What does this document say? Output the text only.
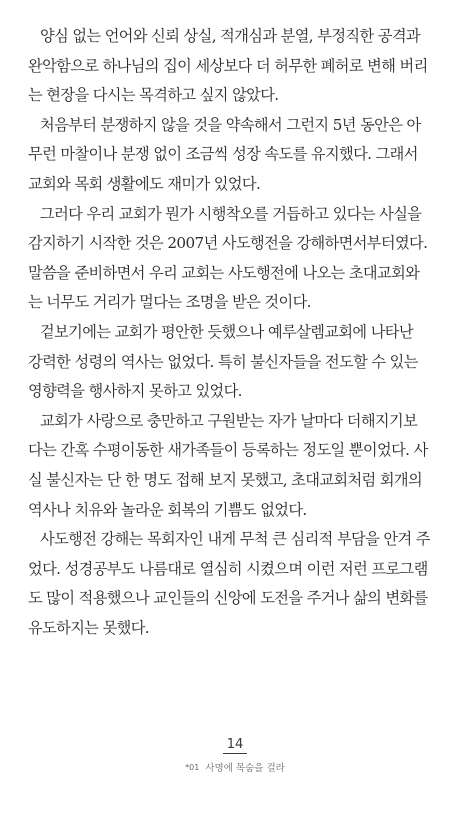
양심 없는 언어와 신뢰 상실, 적개심과 분열, 부정직한 공격과
완악함으로 하나님의 집이 세상보다 더 허무한 폐허로 변해 버리
는 현장을 다시는 목격하고 싶지 않았다.
처음부터 분쟁하지 않을 것을 약속해서 그런지 5년 동안은 아
무런 마찰이나 분쟁 없이 조금씩 성장 속도를 유지했다. 그래서
교회와 목회 생활에도 재미가 있었다.
그러다 우리 교회가 뭔가 시행착오를 거듭하고 있다는 사실을
감지하기 시작한 것은 2007년 사도행전을 강해하면서부터였다.
말씀을 준비하면서 우리 교회는 사도행전에 나오는 초대교회와
는 너무도 거리가 멀다는 조명을 받은 것이다.
겉보기에는 교회가 평안한 듯했으나 예루살렘교회에 나타난
강력한 성령의 역사는 없었다. 특히 불신자들을 전도할 수 있는
영향력을 행사하지 못하고 있었다.
교회가 사랑으로 충만하고 구원받는 자가 날마다 더해지기보
다는 간혹 수평이동한 새가족들이 등록하는 정도일 뿐이었다. 사
실 불신자는 단 한 명도 접해 보지 못했고, 초대교회처럼 회개의
역사나 치유와 놀라운 회복의 기쁨도 없었다.
사도행전 강해는 목회자인 내게 무척 큰 심리적 부담을 안겨 주
었다. 성경공부도 나름대로 열심히 시켰으며 이런 저런 프로그램
도 많이 적용했으나 교인들의 신앙에 도전을 주거나 삶의 변화를
유도하지는 못했다.
14
*01 사명에 목숨을 걸라
